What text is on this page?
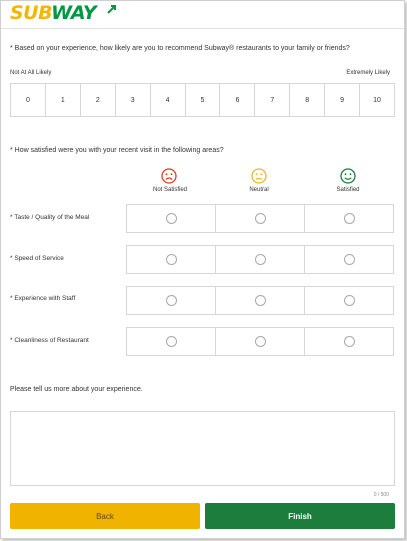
SUBWAY
* Based on your experience, how likely are you to recommend Subway® restaurants to your family or friends?
Not At All Likely	Extremely Likely
0	1	2	3	4	5	6	7	8	9	10
* How satisfied were you with your recent visit in the following areas?
Not Satisfied	Neutral	Satisfied
* Taste / Quality of the Meal
* Speed of Service
* Experience with Staff
* Cleanliness of Restaurant
Please tell us more about your experience.
0 / 500
Back	Finish
